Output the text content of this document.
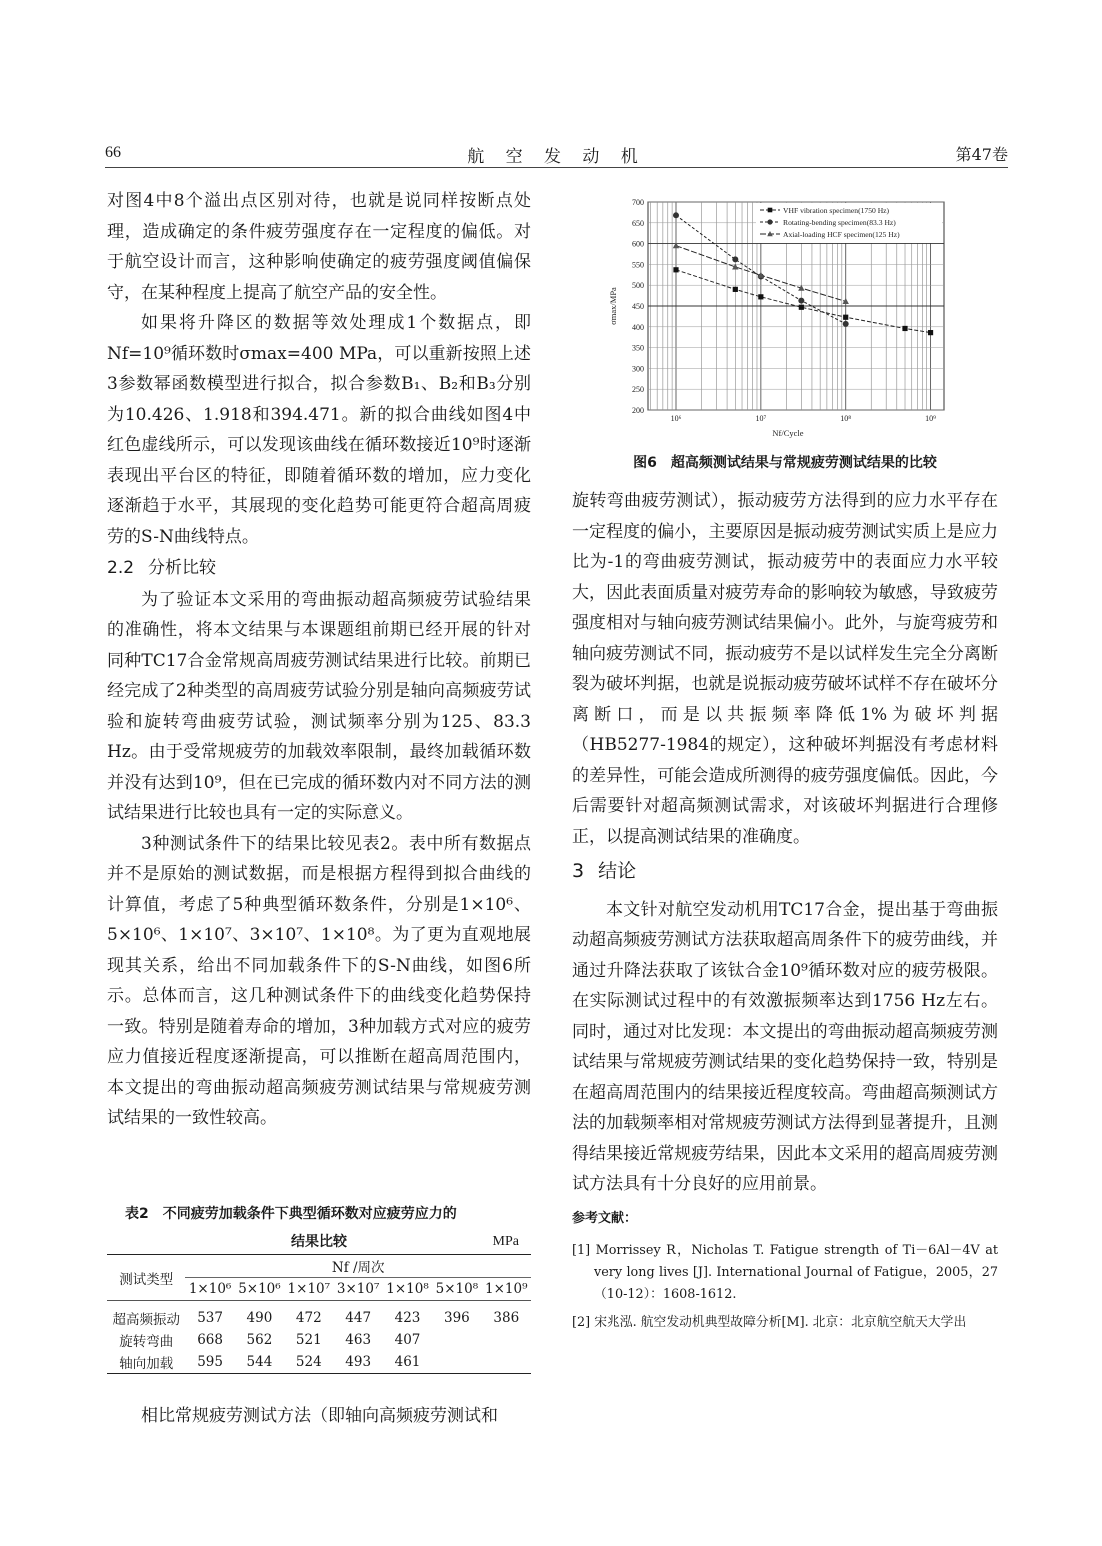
66	航 空 发 动 机	第47卷

对图4中8个溢出点区别对待，也就是说同样按断点处理，造成确定的条件疲劳强度存在一定程度的偏低。对于航空设计而言，这种影响使确定的疲劳强度阈值偏保守，在某种程度上提高了航空产品的安全性。

如果将升降区的数据等效处理成1个数据点，即Nf=10⁹循环数时σmax=400 MPa，可以重新按照上述3参数幂函数模型进行拟合，拟合参数B₁、B₂和B₃分别为10.426、1.918和394.471。新的拟合曲线如图4中红色虚线所示，可以发现该曲线在循环数接近10⁹时逐渐表现出平台区的特征，即随着循环数的增加，应力变化逐渐趋于水平，其展现的变化趋势可能更符合超高周疲劳的S-N曲线特点。

2.2 分析比较

为了验证本文采用的弯曲振动超高频疲劳试验结果的准确性，将本文结果与本课题组前期已经开展的针对同种TC17合金常规高周疲劳测试结果进行比较。前期已经完成了2种类型的高周疲劳试验分别是轴向高频疲劳试验和旋转弯曲疲劳试验，测试频率分别为125、83.3 Hz。由于受常规疲劳的加载效率限制，最终加载循环数并没有达到10⁹，但在已完成的循环数内对不同方法的测试结果进行比较也具有一定的实际意义。

3种测试条件下的结果比较见表2。表中所有数据点并不是原始的测试数据，而是根据方程得到拟合曲线的计算值，考虑了5种典型循环数条件，分别是1×10⁶、5×10⁶、1×10⁷、3×10⁷、1×10⁸。为了更为直观地展现其关系，给出不同加载条件下的S-N曲线，如图6所示。总体而言，这几种测试条件下的曲线变化趋势保持一致。特别是随着寿命的增加，3种加载方式对应的疲劳应力值接近程度逐渐提高，可以推断在超高周范围内，本文提出的弯曲振动超高频疲劳测试结果与常规疲劳测试结果的一致性较高。

表2　不同疲劳加载条件下典型循环数对应疲劳应力的
结果比较	MPa
测试类型	Nf /周次						
	1×10⁶	5×10⁶	1×10⁷	3×10⁷	1×10⁸	5×10⁸	1×10⁹
超高频振动	537	490	472	447	423	396	386
旋转弯曲	668	562	521	463	407		
轴向加载	595	544	524	493	461		

相比常规疲劳测试方法（即轴向高频疲劳测试和

200
250
300
350
400
450
500
550
600
650
700
10⁶	10⁷	10⁸	10⁹
Nf/Cycle
σmax/MPa
VHF vibration specimen(1750 Hz)
Rotating-bending specimen(83.3 Hz)
Axial-loading HCF specimen(125 Hz)
图6　超高频测试结果与常规疲劳测试结果的比较

旋转弯曲疲劳测试），振动疲劳方法得到的应力水平存在一定程度的偏小，主要原因是振动疲劳测试实质上是应力比为-1的弯曲疲劳测试，振动疲劳中的表面应力水平较大，因此表面质量对疲劳寿命的影响较为敏感，导致疲劳强度相对与轴向疲劳测试结果偏小。此外，与旋弯疲劳和轴向疲劳测试不同，振动疲劳不是以试样发生完全分离断裂为破坏判据，也就是说振动疲劳破坏试样不存在破坏分离断口，而是以共振频率降低1%为破坏判据（HB5277-1984的规定），这种破坏判据没有考虑材料的差异性，可能会造成所测得的疲劳强度偏低。因此，今后需要针对超高频测试需求，对该破坏判据进行合理修正，以提高测试结果的准确度。

3 结论

本文针对航空发动机用TC17合金，提出基于弯曲振动超高频疲劳测试方法获取超高周条件下的疲劳曲线，并通过升降法获取了该钛合金10⁹循环数对应的疲劳极限。在实际测试过程中的有效激振频率达到1756 Hz左右。同时，通过对比发现：本文提出的弯曲振动超高频疲劳测试结果与常规疲劳测试结果的变化趋势保持一致，特别是在超高周范围内的结果接近程度较高。弯曲超高频测试方法的加载频率相对常规疲劳测试方法得到显著提升，且测得结果接近常规疲劳结果，因此本文采用的超高周疲劳测试方法具有十分良好的应用前景。

参考文献：
[1] Morrissey R，Nicholas T. Fatigue strength of Ti－6Al－4V at very long lives [J]. International Journal of Fatigue，2005，27（10-12）：1608-1612.
[2] 宋兆泓. 航空发动机典型故障分析[M]. 北京：北京航空航天大学出
